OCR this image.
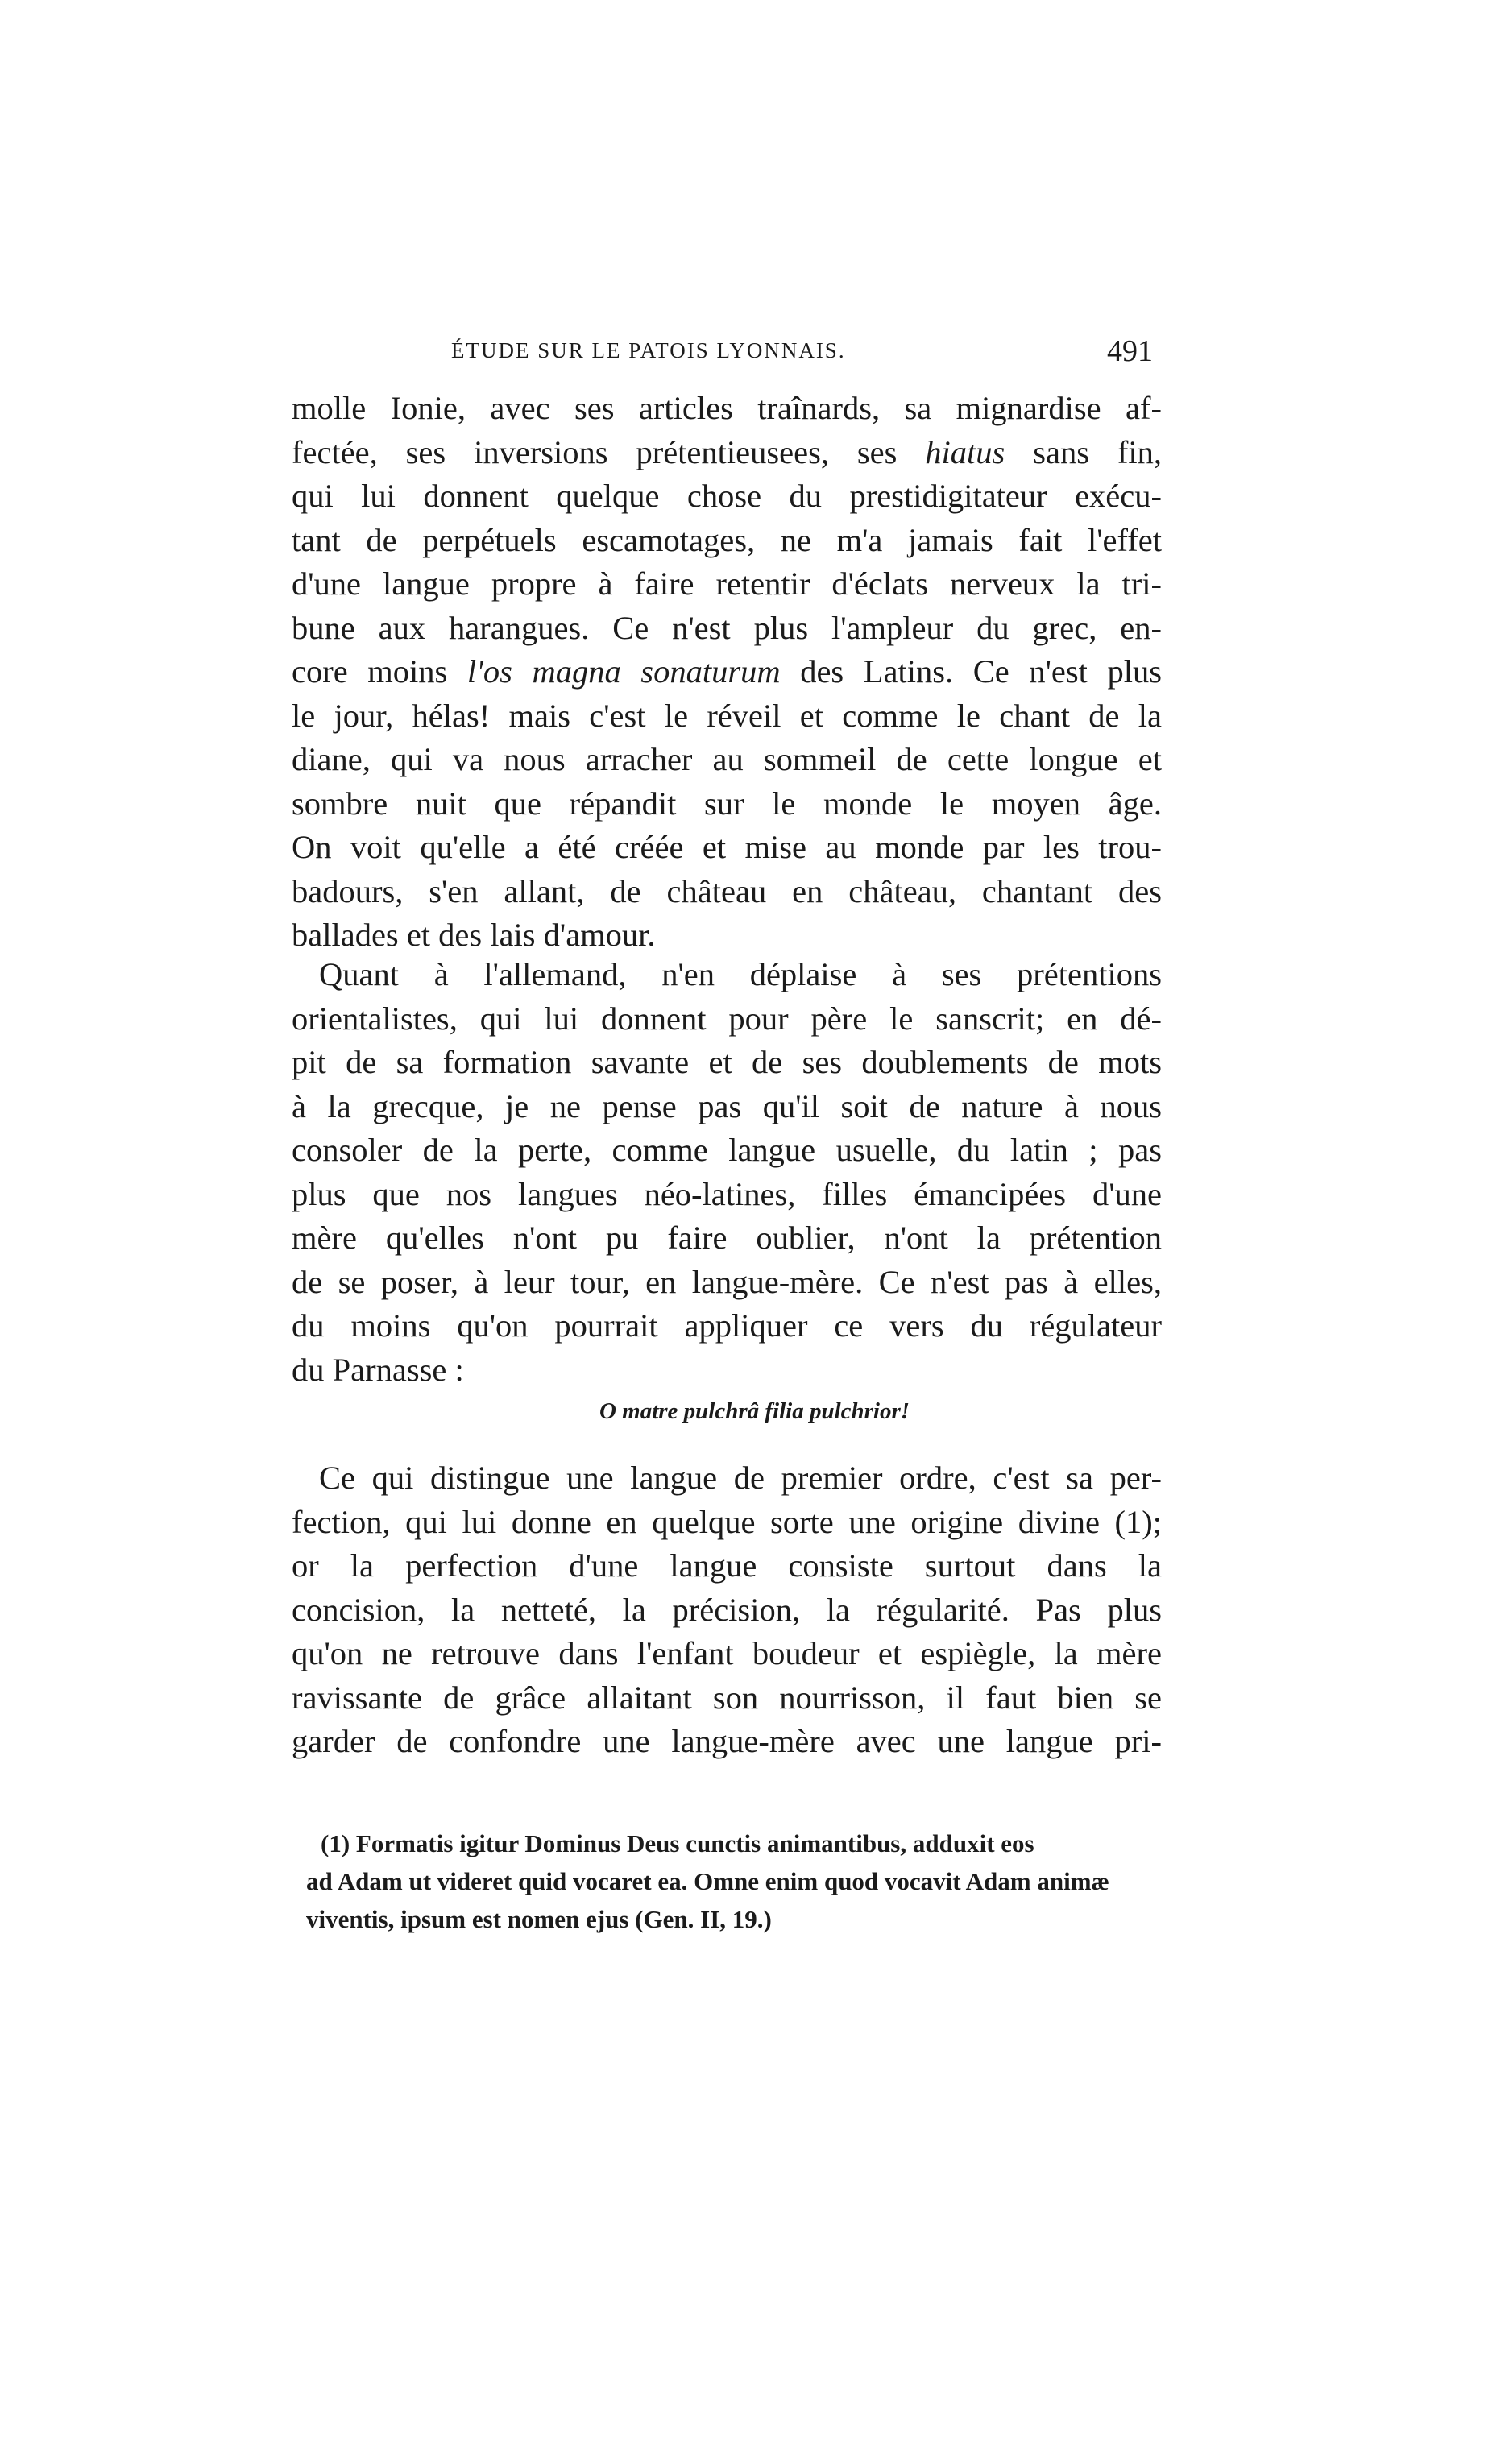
ÉTUDE SUR LE PATOIS LYONNAIS.	491
molle Ionie, avec ses articles traînards, sa mignardise af-
fectée, ses inversions prétentieusees, ses hiatus sans fin,
qui lui donnent quelque chose du prestidigitateur exécu-
tant de perpétuels escamotages, ne m'a jamais fait l'effet
d'une langue propre à faire retentir d'éclats nerveux la tri-
bune aux harangues. Ce n'est plus l'ampleur du grec, en-
core moins l'os magna sonaturum des Latins. Ce n'est plus
le jour, hélas! mais c'est le réveil et comme le chant de la
diane, qui va nous arracher au sommeil de cette longue et
sombre nuit que répandit sur le monde le moyen âge.
On voit qu'elle a été créée et mise au monde par les trou-
badours, s'en allant, de château en château, chantant des
ballades et des lais d'amour.
Quant à l'allemand, n'en déplaise à ses prétentions
orientalistes, qui lui donnent pour père le sanscrit; en dé-
pit de sa formation savante et de ses doublements de mots
à la grecque, je ne pense pas qu'il soit de nature à nous
consoler de la perte, comme langue usuelle, du latin ; pas
plus que nos langues néo-latines, filles émancipées d'une
mère qu'elles n'ont pu faire oublier, n'ont la prétention
de se poser, à leur tour, en langue-mère. Ce n'est pas à elles,
du moins qu'on pourrait appliquer ce vers du régulateur
du Parnasse :
O matre pulchrâ filia pulchrior!
Ce qui distingue une langue de premier ordre, c'est sa per-
fection, qui lui donne en quelque sorte une origine divine (1);
or la perfection d'une langue consiste surtout dans la
concision, la netteté, la précision, la régularité. Pas plus
qu'on ne retrouve dans l'enfant boudeur et espiègle, la mère
ravissante de grâce allaitant son nourrisson, il faut bien se
garder de confondre une langue-mère avec une langue pri-
(1) Formatis igitur Dominus Deus cunctis animantibus, adduxit eos
ad Adam ut videret quid vocaret ea. Omne enim quod vocavit Adam animæ
viventis, ipsum est nomen ejus (Gen. II, 19.)
